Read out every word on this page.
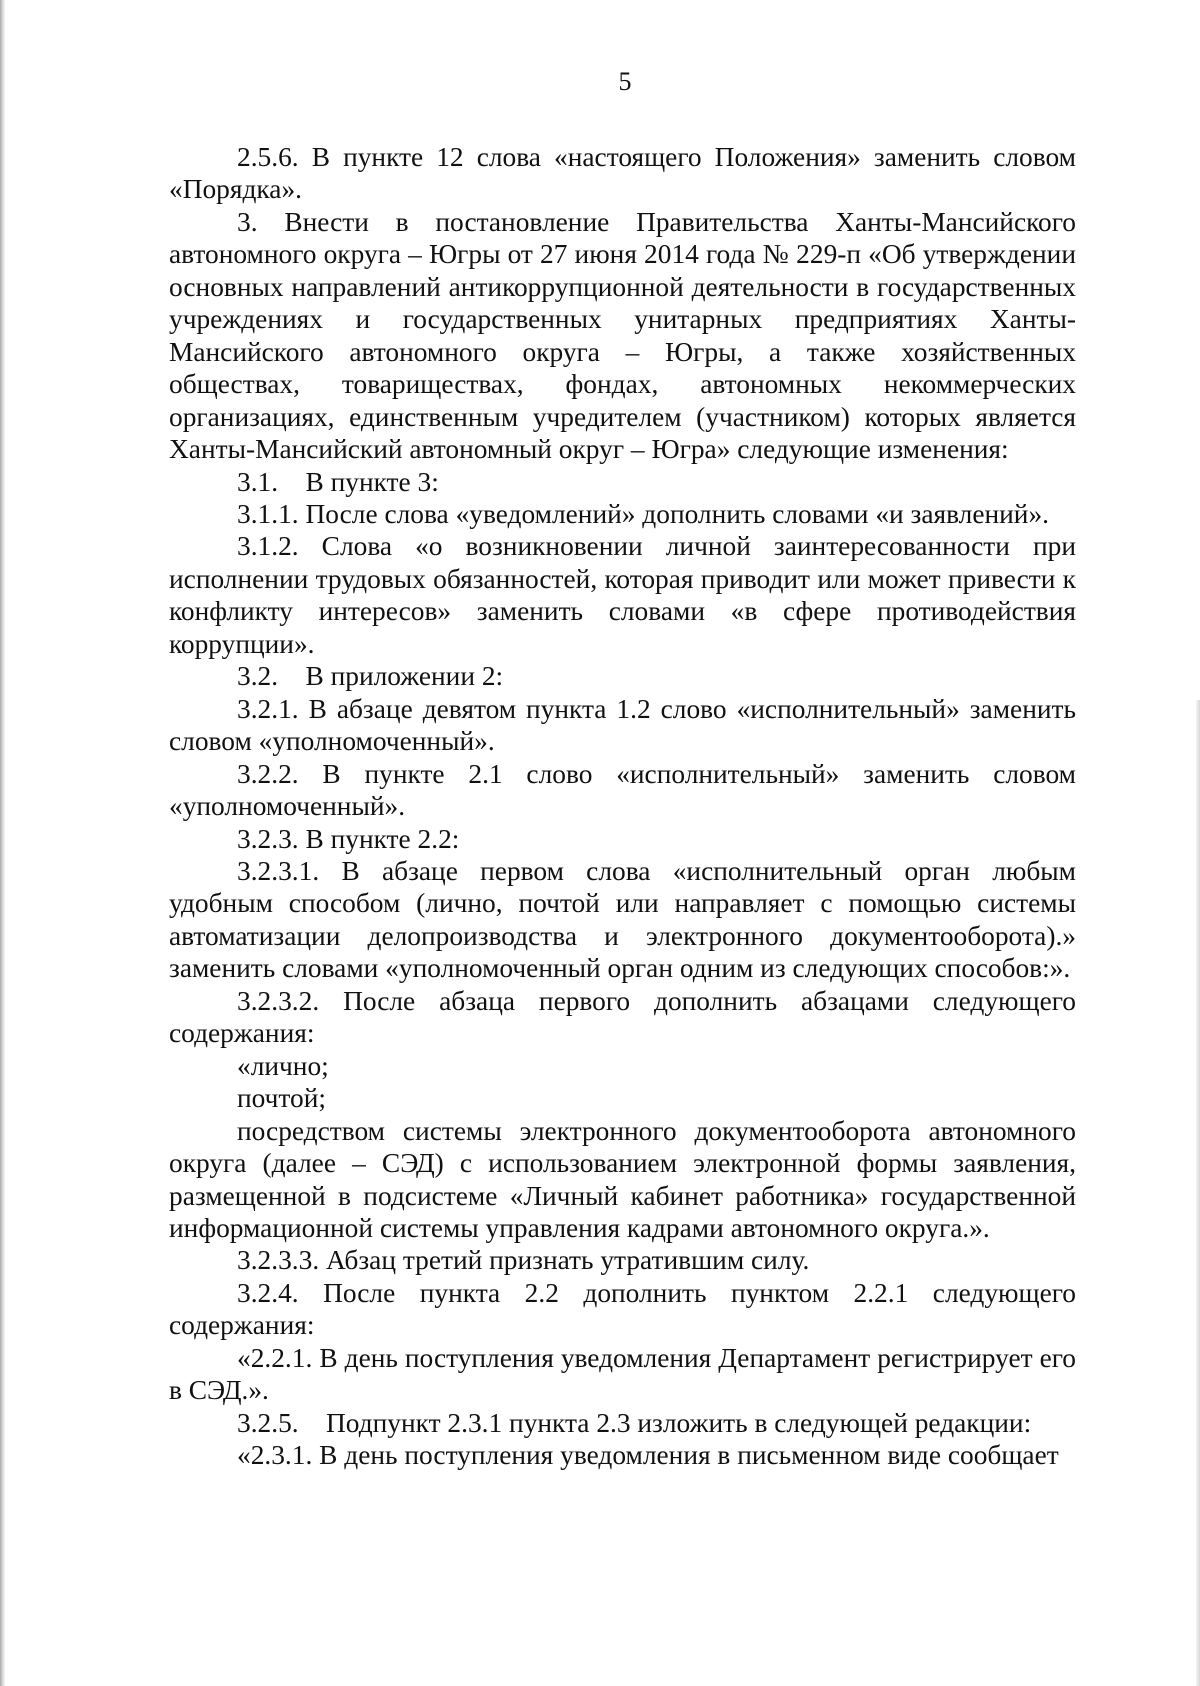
5

2.5.6. В пункте 12 слова «настоящего Положения» заменить словом «Порядка».

3. Внести в постановление Правительства Ханты-Мансийского автономного округа – Югры от 27 июня 2014 года № 229-п «Об утверждении основных направлений антикоррупционной деятельности в государственных учреждениях и государственных унитарных предприятиях Ханты-Мансийского автономного округа – Югры, а также хозяйственных обществах, товариществах, фондах, автономных некоммерческих организациях, единственным учредителем (участником) которых является Ханты-Мансийский автономный округ – Югра» следующие изменения:

3.1.    В пункте 3:

3.1.1. После слова «уведомлений» дополнить словами «и заявлений».

3.1.2. Слова «о возникновении личной заинтересованности при исполнении трудовых обязанностей, которая приводит или может привести к конфликту интересов» заменить словами «в сфере противодействия коррупции».

3.2.    В приложении 2:

3.2.1. В абзаце девятом пункта 1.2 слово «исполнительный» заменить словом «уполномоченный».

3.2.2. В пункте 2.1 слово «исполнительный» заменить словом «уполномоченный».

3.2.3. В пункте 2.2:

3.2.3.1. В абзаце первом слова «исполнительный орган любым удобным способом (лично, почтой или направляет с помощью системы автоматизации делопроизводства и электронного документооборота).» заменить словами «уполномоченный орган одним из следующих способов:».

3.2.3.2. После абзаца первого дополнить абзацами следующего содержания:

«лично;

почтой;

посредством системы электронного документооборота автономного округа (далее – СЭД) с использованием электронной формы заявления, размещенной в подсистеме «Личный кабинет работника» государственной информационной системы управления кадрами автономного округа.».

3.2.3.3. Абзац третий признать утратившим силу.

3.2.4. После пункта 2.2 дополнить пунктом 2.2.1 следующего содержания:

«2.2.1. В день поступления уведомления Департамент регистрирует его в СЭД.».

3.2.5.    Подпункт 2.3.1 пункта 2.3 изложить в следующей редакции:

«2.3.1. В день поступления уведомления в письменном виде сообщает
